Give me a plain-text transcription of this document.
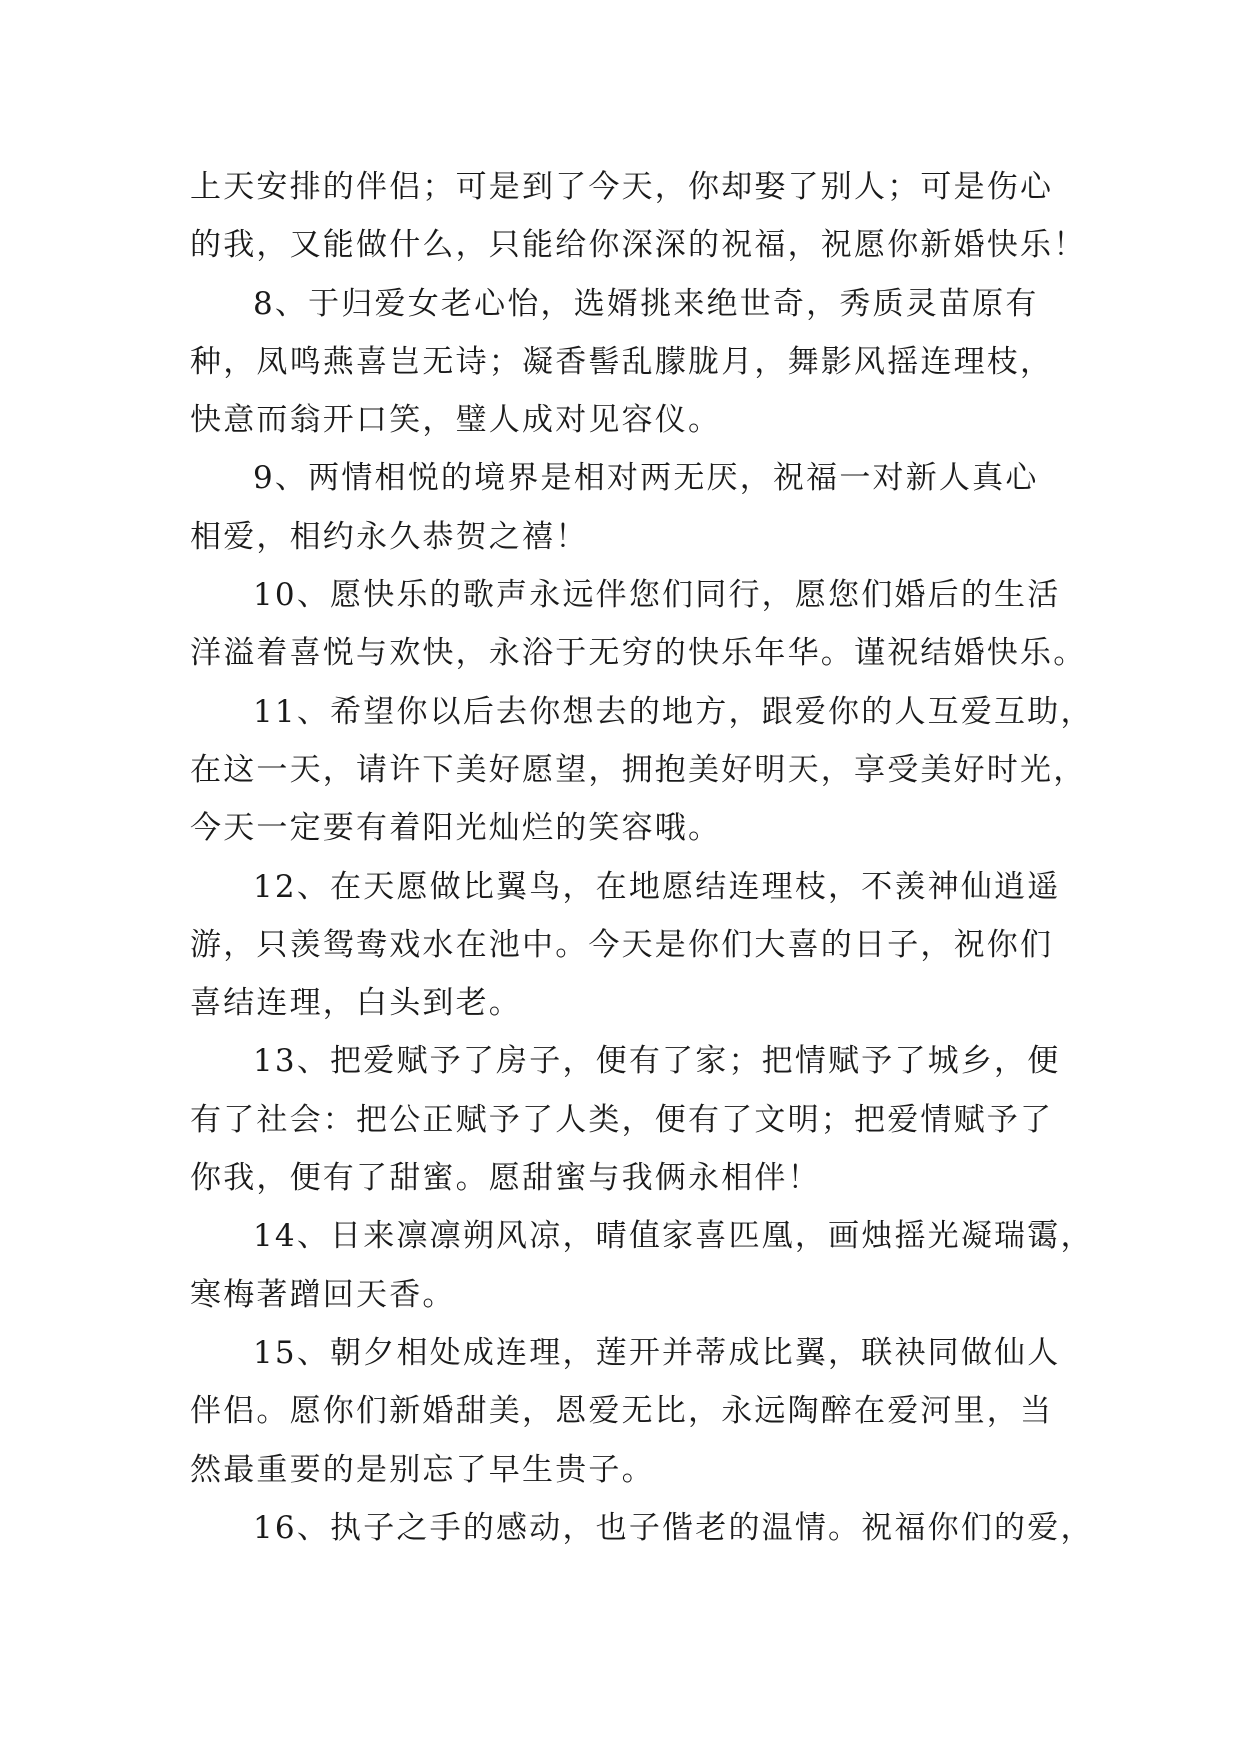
上天安排的伴侣；可是到了今天，你却娶了别人；可是伤心
的我，又能做什么，只能给你深深的祝福，祝愿你新婚快乐！
8、于归爱女老心怡，选婿挑来绝世奇，秀质灵苗原有
种，凤鸣燕喜岂无诗；凝香髻乱朦胧月，舞影风摇连理枝，
快意而翁开口笑，璧人成对见容仪。
9、两情相悦的境界是相对两无厌，祝福一对新人真心
相爱，相约永久恭贺之禧！
10、愿快乐的歌声永远伴您们同行，愿您们婚后的生活
洋溢着喜悦与欢快，永浴于无穷的快乐年华。谨祝结婚快乐。
11、希望你以后去你想去的地方，跟爱你的人互爱互助，
在这一天，请许下美好愿望，拥抱美好明天，享受美好时光，
今天一定要有着阳光灿烂的笑容哦。
12、在天愿做比翼鸟，在地愿结连理枝，不羡神仙逍遥
游，只羡鸳鸯戏水在池中。今天是你们大喜的日子，祝你们
喜结连理，白头到老。
13、把爱赋予了房子，便有了家；把情赋予了城乡，便
有了社会：把公正赋予了人类，便有了文明；把爱情赋予了
你我，便有了甜蜜。愿甜蜜与我俩永相伴！
14、日来凛凛朔风凉，晴值家喜匹凰，画烛摇光凝瑞霭，
寒梅著蹭回天香。
15、朝夕相处成连理，莲开并蒂成比翼，联袂同做仙人
伴侣。愿你们新婚甜美，恩爱无比，永远陶醉在爱河里，当
然最重要的是别忘了早生贵子。
16、执子之手的感动，也子偕老的温情。祝福你们的爱，
